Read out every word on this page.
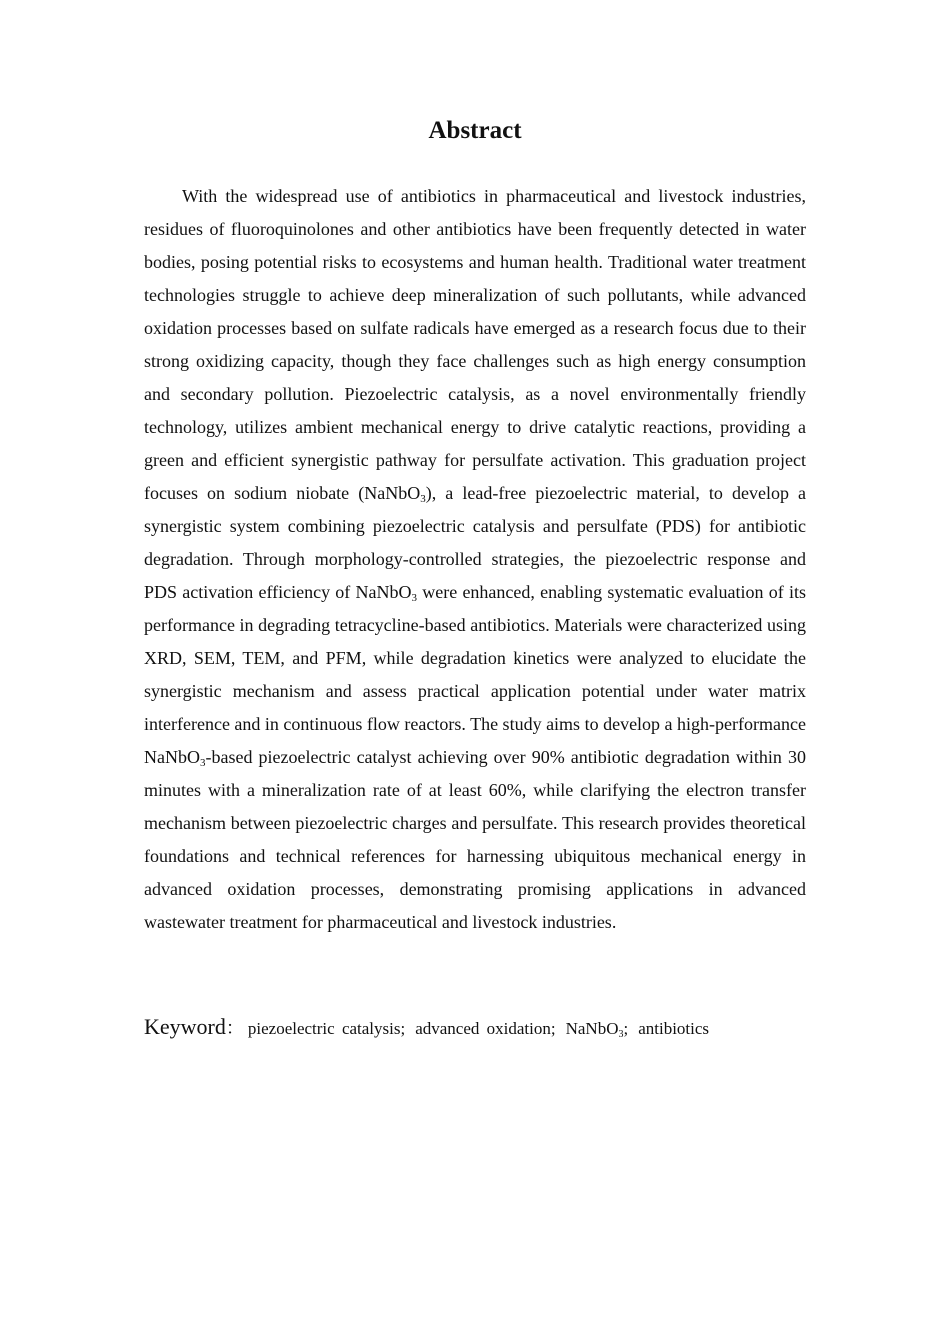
Abstract

With the widespread use of antibiotics in pharmaceutical and livestock industries, residues of fluoroquinolones and other antibiotics have been frequently detected in water bodies, posing potential risks to ecosystems and human health. Traditional water treatment technologies struggle to achieve deep mineralization of such pollutants, while advanced oxidation processes based on sulfate radicals have emerged as a research focus due to their strong oxidizing capacity, though they face challenges such as high energy consumption and secondary pollution. Piezoelectric catalysis, as a novel environmentally friendly technology, utilizes ambient mechanical energy to drive catalytic reactions, providing a green and efficient synergistic pathway for persulfate activation. This graduation project focuses on sodium niobate (NaNbO$_3$), a lead-free piezoelectric material, to develop a synergistic system combining piezoelectric catalysis and persulfate (PDS) for antibiotic degradation. Through morphology-controlled strategies, the piezoelectric response and PDS activation efficiency of NaNbO$_3$ were enhanced, enabling systematic evaluation of its performance in degrading tetracycline-based antibiotics. Materials were characterized using XRD, SEM, TEM, and PFM, while degradation kinetics were analyzed to elucidate the synergistic mechanism and assess practical application potential under water matrix interference and in continuous flow reactors. The study aims to develop a high-performance NaNbO$_3$-based piezoelectric catalyst achieving over 90% antibiotic degradation within 30 minutes with a mineralization rate of at least 60%, while clarifying the electron transfer mechanism between piezoelectric charges and persulfate. This research provides theoretical foundations and technical references for harnessing ubiquitous mechanical energy in advanced oxidation processes, demonstrating promising applications in advanced wastewater treatment for pharmaceutical and livestock industries.

Keyword： piezoelectric catalysis; advanced oxidation; NaNbO$_3$; antibiotics
